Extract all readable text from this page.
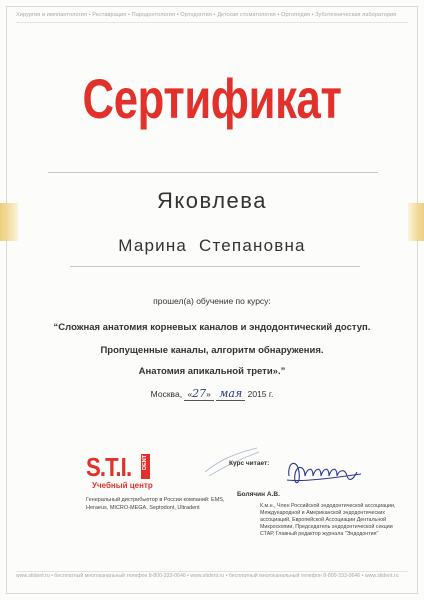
Хирургия и имплантология • Реставрация • Пародонтология • Ортодонтия • Детская стоматология • Ортопедия • Зуботехническая лаборатория
Сертификат
Яковлева
Марина Степановна
прошел(а) обучение по курсу:
“Сложная анатомия корневых каналов и эндодонтический доступ.
Пропущенные каналы, алгоритм обнаружения.
Анатомия апикальной трети».”
Москва, «27» мая 2015 г.
S.T.I. DENT
Учебный центр
Генеральный дистрибьютор в России компаний: EMS, Heraeus, MICRO-MEGA, Septodont, Ultradent
Курс читает:
Болячин А.В.
К.м.н., Член Российской эндодонтической ассоциации, Международной и Американской эндодонтических ассоциаций, Европейской Ассоциации Дентальной Микроскопии, Председатель эндодонтической секции СТАР, Главный редактор журнала "Эндодонтия"
www.stident.ru • бесплатный многоканальный телефон 8-800-333-0646 • www.stident.ru • бесплатный многоканальный телефон 8-800-333-0646 • www.stident.ru
